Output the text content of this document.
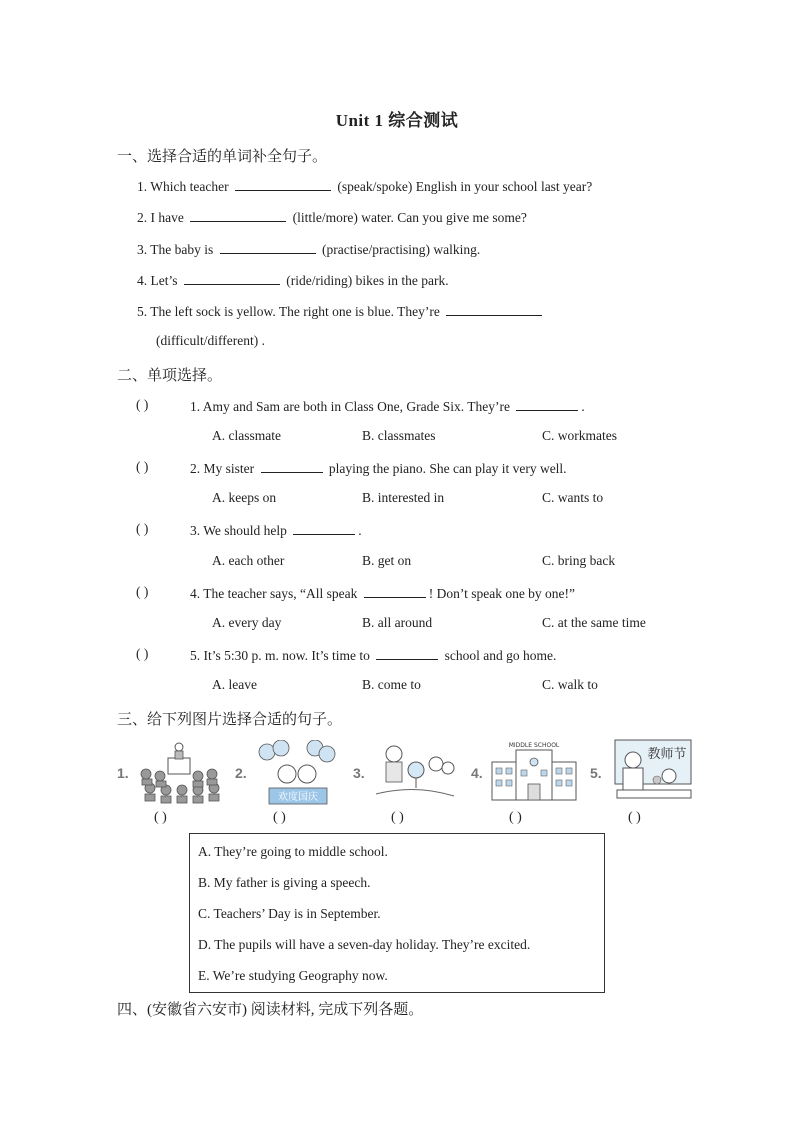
Unit 1 综合测试
一、选择合适的单词补全句子。
1. Which teacher	(speak/spoke) English in your school last year?
2. I have	(little/more) water. Can you give me some?
3. The baby is	(practise/practising) walking.
4. Let’s	(ride/riding) bikes in the park.
5. The left sock is yellow. The right one is blue. They’re
(difficult/different) .
二、单项选择。
( )	1. Amy and Sam are both in Class One, Grade Six. They’re	.
A. classmate	B. classmates	C. workmates
( )	2. My sister	playing the piano. She can play it very well.
A. keeps on	B. interested in	C. wants to
( )	3. We should help	.
A. each other	B. get on	C. bring back
( )	4. The teacher says, “All speak	! Don’t speak one by one!”
A. every day	B. all around	C. at the same time
( )	5. It’s 5:30 p. m. now. It’s time to	school and go home.
A. leave	B. come to	C. walk to
三、给下列图片选择合适的句子。
1.	2.	3.	4.	5.
欢度国庆
MIDDLE SCHOOL
教师节
( )	( )	( )	( )	( )
A. They’re going to middle school.
B. My father is giving a speech.
C. Teachers’ Day is in September.
D. The pupils will have a seven-day holiday. They’re excited.
E. We’re studying Geography now.
四、(安徽省六安市) 阅读材料, 完成下列各题。
